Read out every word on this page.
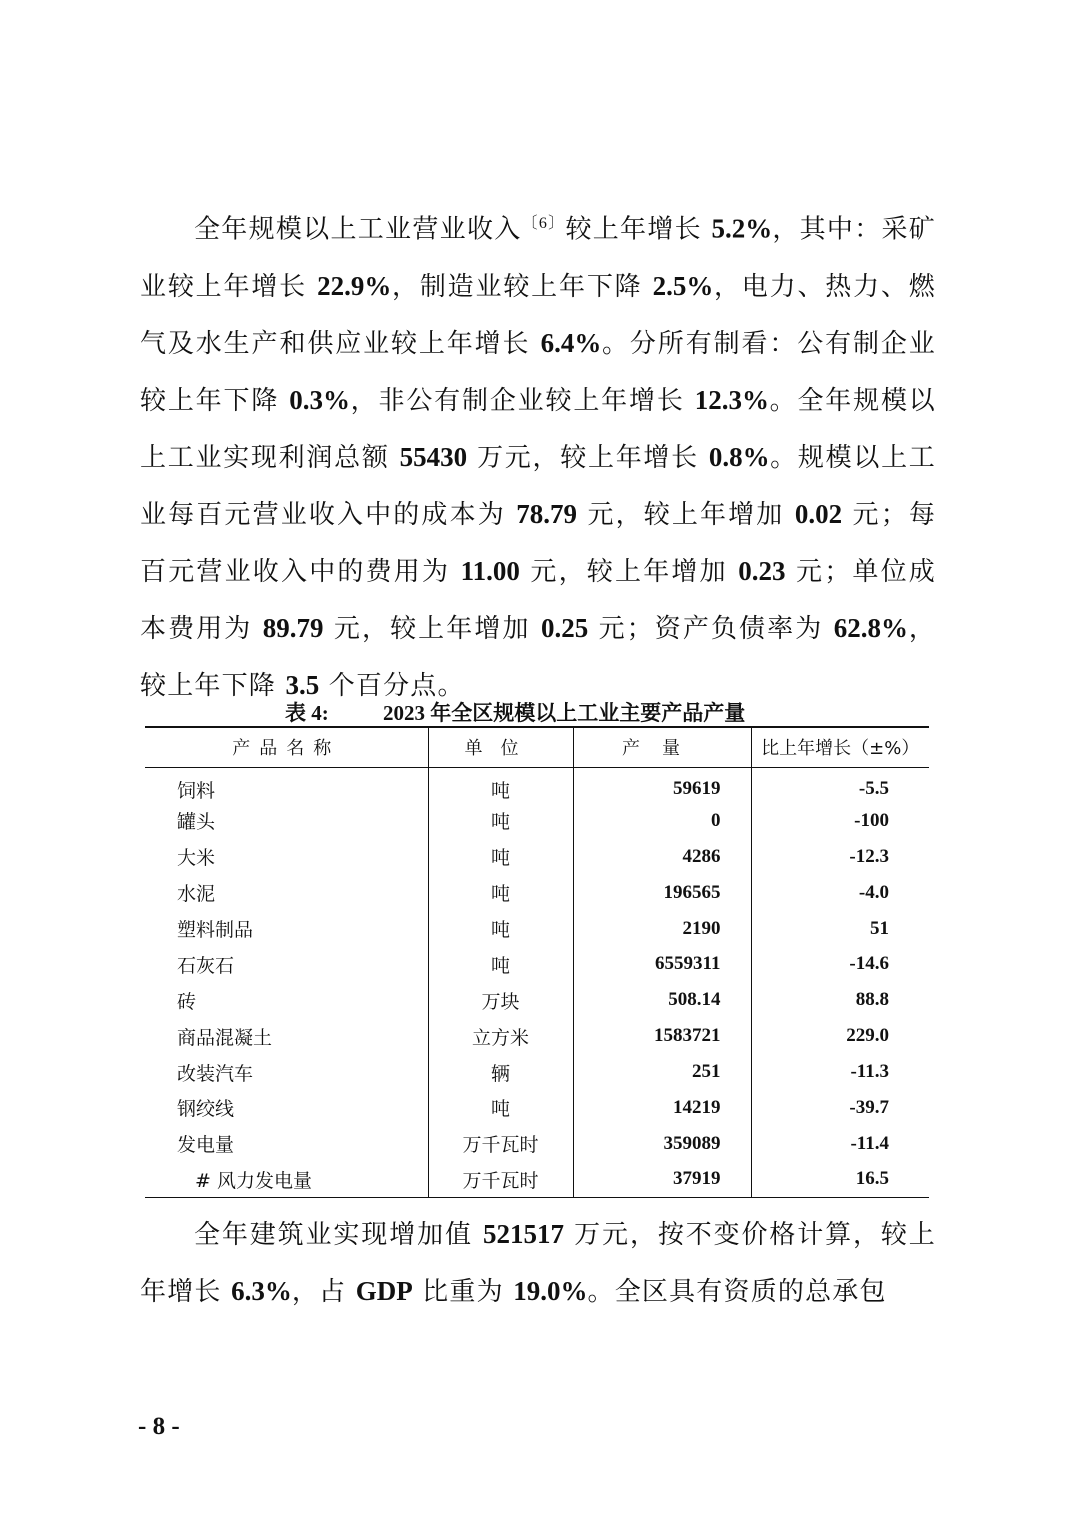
全年规模以上工业营业收入$^{〔6〕}$较上年增长 5.2%，其中：采矿业较上年增长 22.9%，制造业较上年下降 2.5%，电力、热力、燃气及水生产和供应业较上年增长 6.4%。分所有制看：公有制企业较上年下降 0.3%，非公有制企业较上年增长 12.3%。全年规模以上工业实现利润总额 55430 万元，较上年增长 0.8%。规模以上工业每百元营业收入中的成本为 78.79 元，较上年增加 0.02 元；每百元营业收入中的费用为 11.00 元，较上年增加 0.23 元；单位成本费用为 89.79 元，较上年增加 0.25 元；资产负债率为 62.8%，较上年下降 3.5 个百分点。

表 4:	2023 年全区规模以上工业主要产品产量
产品名称	单位	产量	比上年增长（±%）
饲料	吨	59619	-5.5
罐头	吨	0	-100
大米	吨	4286	-12.3
水泥	吨	196565	-4.0
塑料制品	吨	2190	51
石灰石	吨	6559311	-14.6
砖	万块	508.14	88.8
商品混凝土	立方米	1583721	229.0
改装汽车	辆	251	-11.3
钢绞线	吨	14219	-39.7
发电量	万千瓦时	359089	-11.4
# 风力发电量	万千瓦时	37919	16.5

全年建筑业实现增加值 521517 万元，按不变价格计算，较上年增长 6.3%，占 GDP 比重为 19.0%。全区具有资质的总承包

- 8 -
